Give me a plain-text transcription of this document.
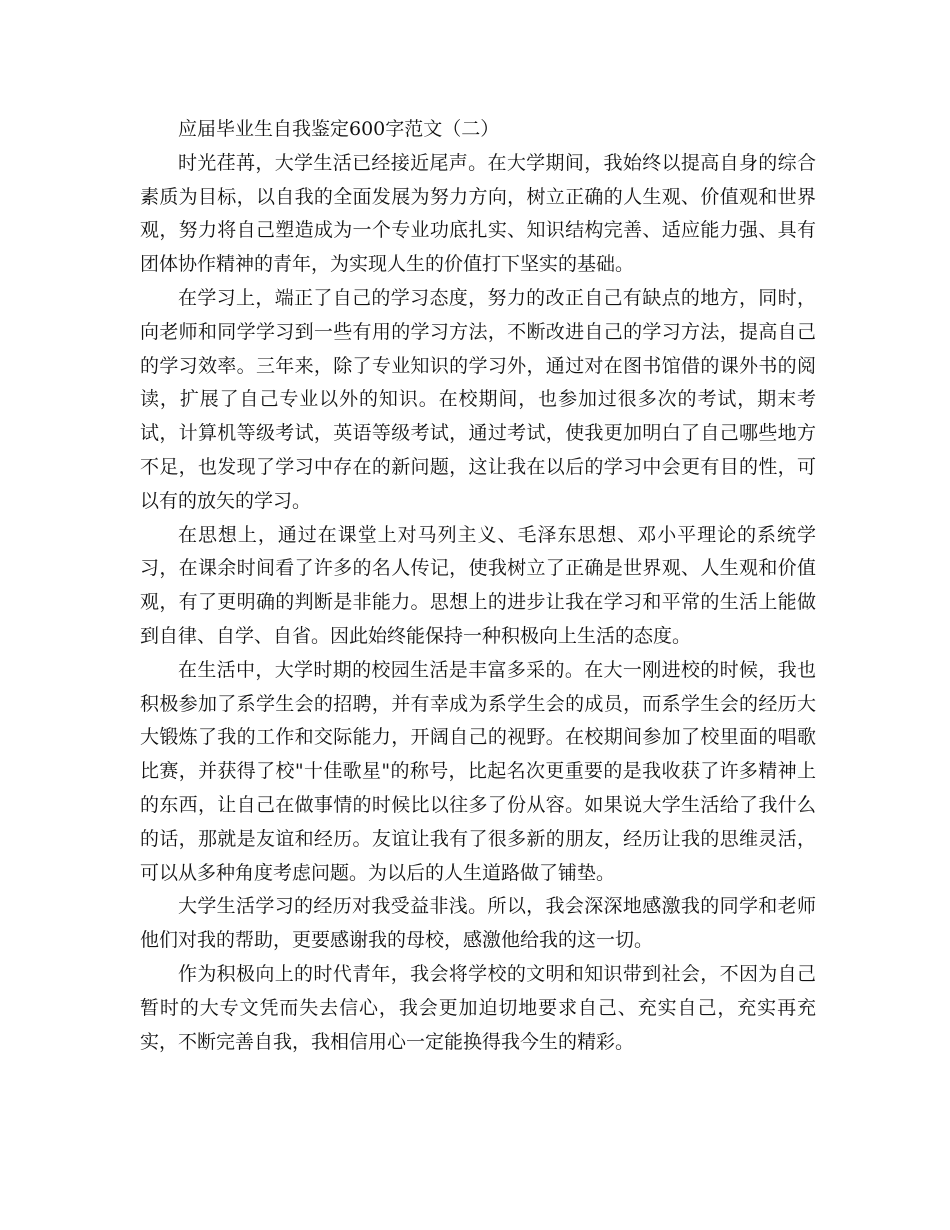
应届毕业生自我鉴定600字范文（二）

时光荏苒，大学生活已经接近尾声。在大学期间，我始终以提高自身的综合素质为目标，以自我的全面发展为努力方向，树立正确的人生观、价值观和世界观，努力将自己塑造成为一个专业功底扎实、知识结构完善、适应能力强、具有团体协作精神的青年，为实现人生的价值打下坚实的基础。

在学习上，端正了自己的学习态度，努力的改正自己有缺点的地方，同时，向老师和同学学习到一些有用的学习方法，不断改进自己的学习方法，提高自己的学习效率。三年来，除了专业知识的学习外，通过对在图书馆借的课外书的阅读，扩展了自己专业以外的知识。在校期间，也参加过很多次的考试，期末考试，计算机等级考试，英语等级考试，通过考试，使我更加明白了自己哪些地方不足，也发现了学习中存在的新问题，这让我在以后的学习中会更有目的性，可以有的放矢的学习。

在思想上，通过在课堂上对马列主义、毛泽东思想、邓小平理论的系统学习，在课余时间看了许多的名人传记，使我树立了正确是世界观、人生观和价值观，有了更明确的判断是非能力。思想上的进步让我在学习和平常的生活上能做到自律、自学、自省。因此始终能保持一种积极向上生活的态度。

在生活中，大学时期的校园生活是丰富多采的。在大一刚进校的时候，我也积极参加了系学生会的招聘，并有幸成为系学生会的成员，而系学生会的经历大大锻炼了我的工作和交际能力，开阔自己的视野。在校期间参加了校里面的唱歌比赛，并获得了校"十佳歌星"的称号，比起名次更重要的是我收获了许多精神上的东西，让自己在做事情的时候比以往多了份从容。如果说大学生活给了我什么的话，那就是友谊和经历。友谊让我有了很多新的朋友，经历让我的思维灵活，可以从多种角度考虑问题。为以后的人生道路做了铺垫。

大学生活学习的经历对我受益非浅。所以，我会深深地感激我的同学和老师他们对我的帮助，更要感谢我的母校，感激他给我的这一切。

作为积极向上的时代青年，我会将学校的文明和知识带到社会，不因为自己暂时的大专文凭而失去信心，我会更加迫切地要求自己、充实自己，充实再充实，不断完善自我，我相信用心一定能换得我今生的精彩。
